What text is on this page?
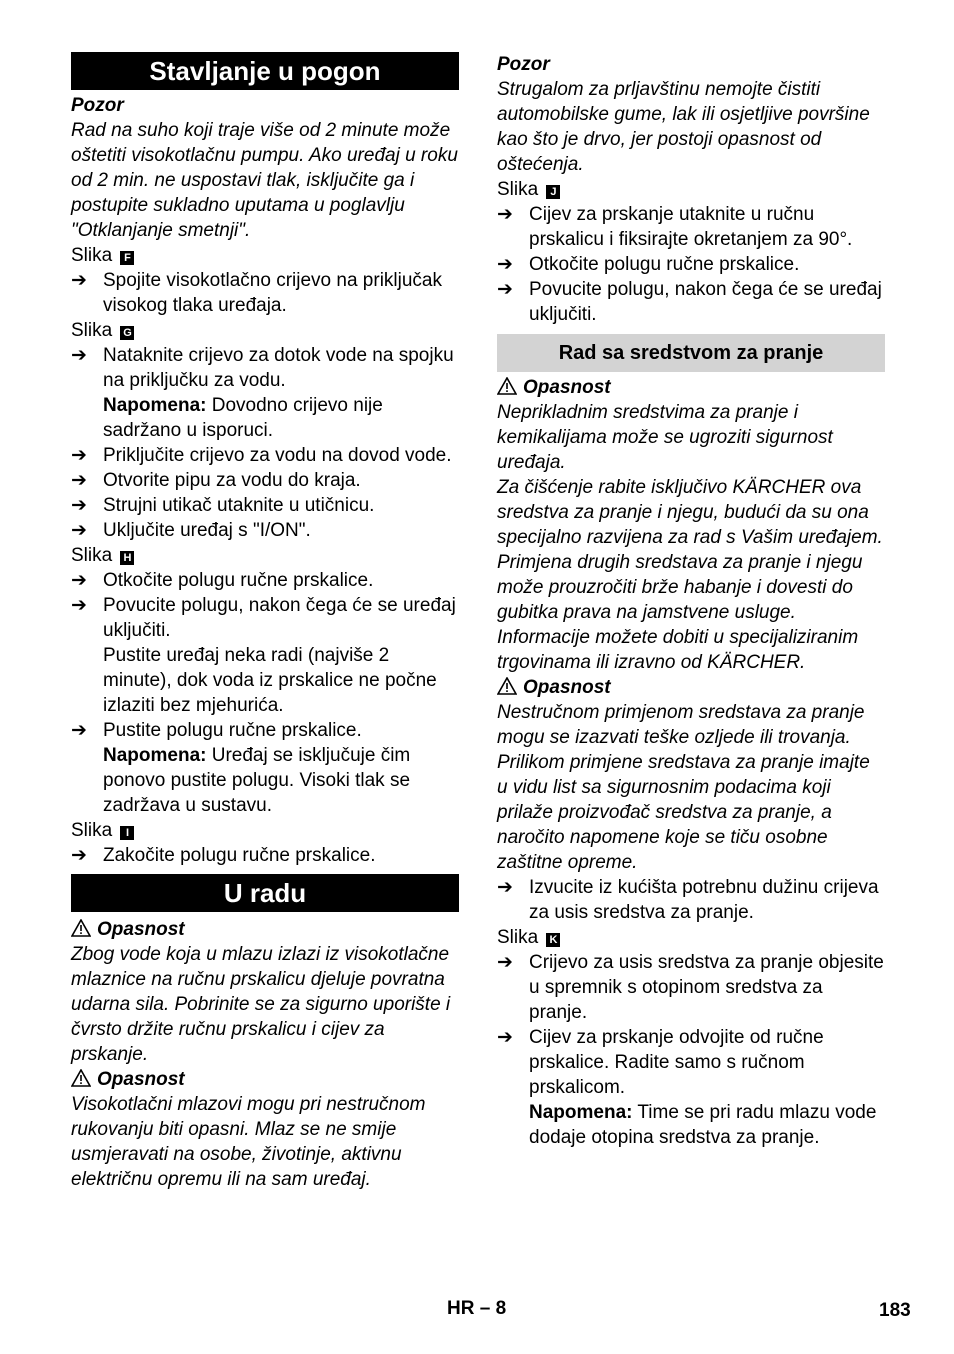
Stavljanje u pogon

Pozor

Rad na suho koji traje više od 2 minute može oštetiti visokotlačnu pumpu. Ako uređaj u roku od 2 min. ne uspostavi tlak, isključite ga i postupite sukladno uputama u poglavlju "Otklanjanje smetnji".

Slika F

➔ Spojite visokotlačno crijevo na priključak visokog tlaka uređaja.

Slika G

➔ Nataknite crijevo za dotok vode na spojku na priključku za vodu.
Napomena: Dovodno crijevo nije sadržano u isporuci.
➔ Priključite crijevo za vodu na dovod vode.
➔ Otvorite pipu za vodu do kraja.
➔ Strujni utikač utaknite u utičnicu.
➔ Uključite uređaj s "I/ON".

Slika H

➔ Otkočite polugu ručne prskalice.
➔ Povucite polugu, nakon čega će se uređaj uključiti.
Pustite uređaj neka radi (najviše 2 minute), dok voda iz prskalice ne počne izlaziti bez mjehurića.
➔ Pustite polugu ručne prskalice.
Napomena: Uređaj se isključuje čim ponovo pustite polugu. Visoki tlak se zadržava u sustavu.

Slika I

➔ Zakočite polugu ručne prskalice.
U radu

Opasnost

Zbog vode koja u mlazu izlazi iz visokotlačne mlaznice na ručnu prskalicu djeluje povratna udarna sila. Pobrinite se za sigurno uporište i čvrsto držite ručnu prskalicu i cijev za prskanje.

Opasnost

Visokotlačni mlazovi mogu pri nestručnom rukovanju biti opasni. Mlaz se ne smije usmjeravati na osobe, životinje, aktivnu električnu opremu ili na sam uređaj.

Pozor

Strugalom za prljavštinu nemojte čistiti automobilske gume, lak ili osjetljive površine kao što je drvo, jer postoji opasnost od oštećenja.

Slika J

➔ Cijev za prskanje utaknite u ručnu prskalicu i fiksirajte okretanjem za 90°.
➔ Otkočite polugu ručne prskalice.
➔ Povucite polugu, nakon čega će se uređaj uključiti.
Rad sa sredstvom za pranje

Opasnost

Neprikladnim sredstvima za pranje i kemikalijama može se ugroziti sigurnost uređaja.

Za čišćenje rabite isključivo KÄRCHER ova sredstva za pranje i njegu, budući da su ona specijalno razvijena za rad s Vašim uređajem. Primjena drugih sredstava za pranje i njegu može prouzročiti brže habanje i dovesti do gubitka prava na jamstvene usluge. Informacije možete dobiti u specijaliziranim trgovinama ili izravno od KÄRCHER.

Opasnost

Nestručnom primjenom sredstava za pranje mogu se izazvati teške ozljede ili trovanja.

Prilikom primjene sredstava za pranje imajte u vidu list sa sigurnosnim podacima koji prilaže proizvođač sredstva za pranje, a naročito napomene koje se tiču osobne zaštitne opreme.

➔ Izvucite iz kućišta potrebnu dužinu crijeva za usis sredstva za pranje.

Slika K

➔ Crijevo za usis sredstva za pranje objesite u spremnik s otopinom sredstva za pranje.
➔ Cijev za prskanje odvojite od ručne prskalice. Radite samo s ručnom prskalicom.
Napomena: Time se pri radu mlazu vode dodaje otopina sredstva za pranje.
HR – 8	183
